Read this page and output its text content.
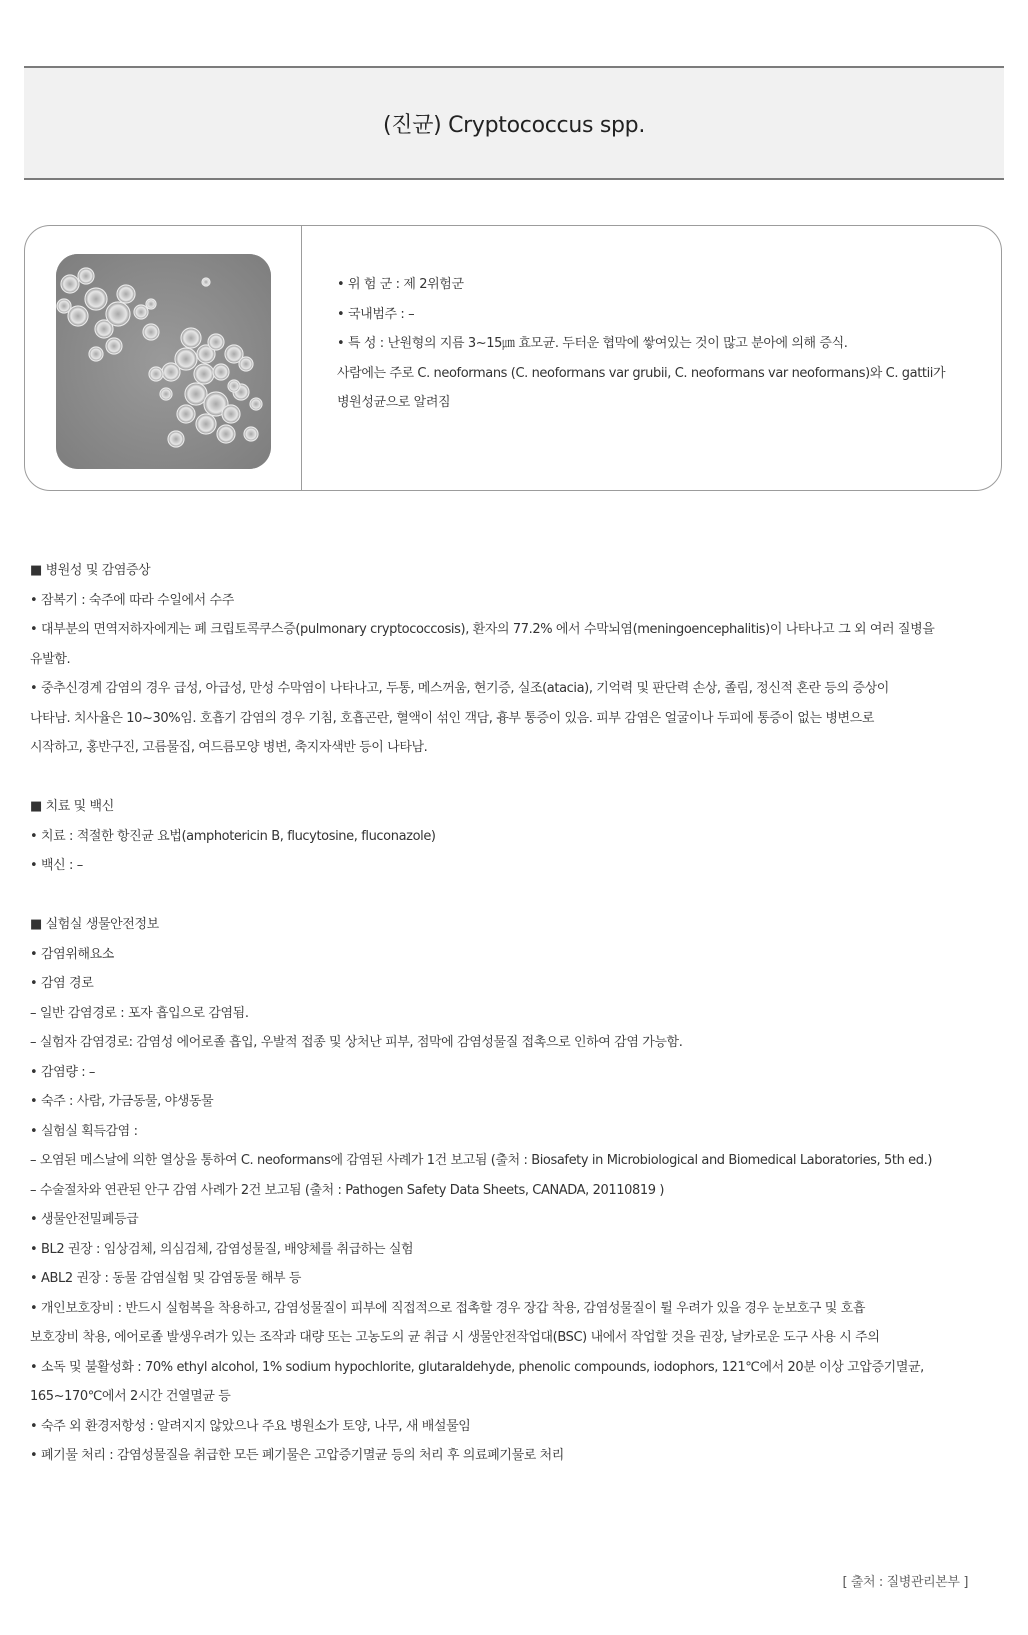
(진균) Cryptococcus spp.
• 위 험 군 : 제 2위험군
• 국내범주 : –
• 특 성 : 난원형의 지름 3~15㎛ 효모균. 두터운 협막에 쌓여있는 것이 많고 분아에 의해 증식.
사람에는 주로 C. neoformans (C. neoformans var grubii, C. neoformans var neoformans)와 C. gattii가
병원성균으로 알려짐

■ 병원성 및 감염증상

• 잠복기 : 숙주에 따라 수일에서 수주

• 대부분의 면역저하자에게는 폐 크립토콕쿠스증(pulmonary cryptococcosis), 환자의 77.2% 에서 수막뇌염(meningoencephalitis)이 나타나고 그 외 여러 질병을

유발함.

• 중추신경계 감염의 경우 급성, 아급성, 만성 수막염이 나타나고, 두통, 메스꺼움, 현기증, 실조(atacia), 기억력 및 판단력 손상, 졸림, 정신적 혼란 등의 증상이

나타남. 치사율은 10~30%임. 호흡기 감염의 경우 기침, 호흡곤란, 혈액이 섞인 객담, 흉부 통증이 있음. 피부 감염은 얼굴이나 두피에 통증이 없는 병변으로

시작하고, 홍반구진, 고름물집, 여드름모양 병변, 축지자색반 등이 나타남.

■ 치료 및 백신

• 치료 : 적절한 항진균 요법(amphotericin B, flucytosine, fluconazole)

• 백신 : –

■ 실험실 생물안전정보

• 감염위해요소

• 감염 경로

– 일반 감염경로 : 포자 흡입으로 감염됨.

– 실험자 감염경로: 감염성 에어로졸 흡입, 우발적 접종 및 상처난 피부, 점막에 감염성물질 접촉으로 인하여 감염 가능함.

• 감염량 : –

• 숙주 : 사람, 가금동물, 야생동물

• 실험실 획득감염 :

– 오염된 메스날에 의한 열상을 통하여 C. neoformans에 감염된 사례가 1건 보고됨 (출처 : Biosafety in Microbiological and Biomedical Laboratories, 5th ed.)

– 수술절차와 연관된 안구 감염 사례가 2건 보고됨 (출처 : Pathogen Safety Data Sheets, CANADA, 20110819 )

• 생물안전밀폐등급

• BL2 권장 : 임상검체, 의심검체, 감염성물질, 배양체를 취급하는 실험

• ABL2 권장 : 동물 감염실험 및 감염동물 해부 등

• 개인보호장비 : 반드시 실험복을 착용하고, 감염성물질이 피부에 직접적으로 접촉할 경우 장갑 착용, 감염성물질이 튈 우려가 있을 경우 눈보호구 및 호흡

보호장비 착용, 에어로졸 발생우려가 있는 조작과 대량 또는 고농도의 균 취급 시 생물안전작업대(BSC) 내에서 작업할 것을 권장, 날카로운 도구 사용 시 주의

• 소독 및 불활성화 : 70% ethyl alcohol, 1% sodium hypochlorite, glutaraldehyde, phenolic compounds, iodophors, 121℃에서 20분 이상 고압증기멸균,

165~170℃에서 2시간 건열멸균 등

• 숙주 외 환경저항성 : 알려지지 않았으나 주요 병원소가 토양, 나무, 새 배설물임

• 폐기물 처리 : 감염성물질을 취급한 모든 폐기물은 고압증기멸균 등의 처리 후 의료폐기물로 처리

[ 출처 : 질병관리본부 ]
